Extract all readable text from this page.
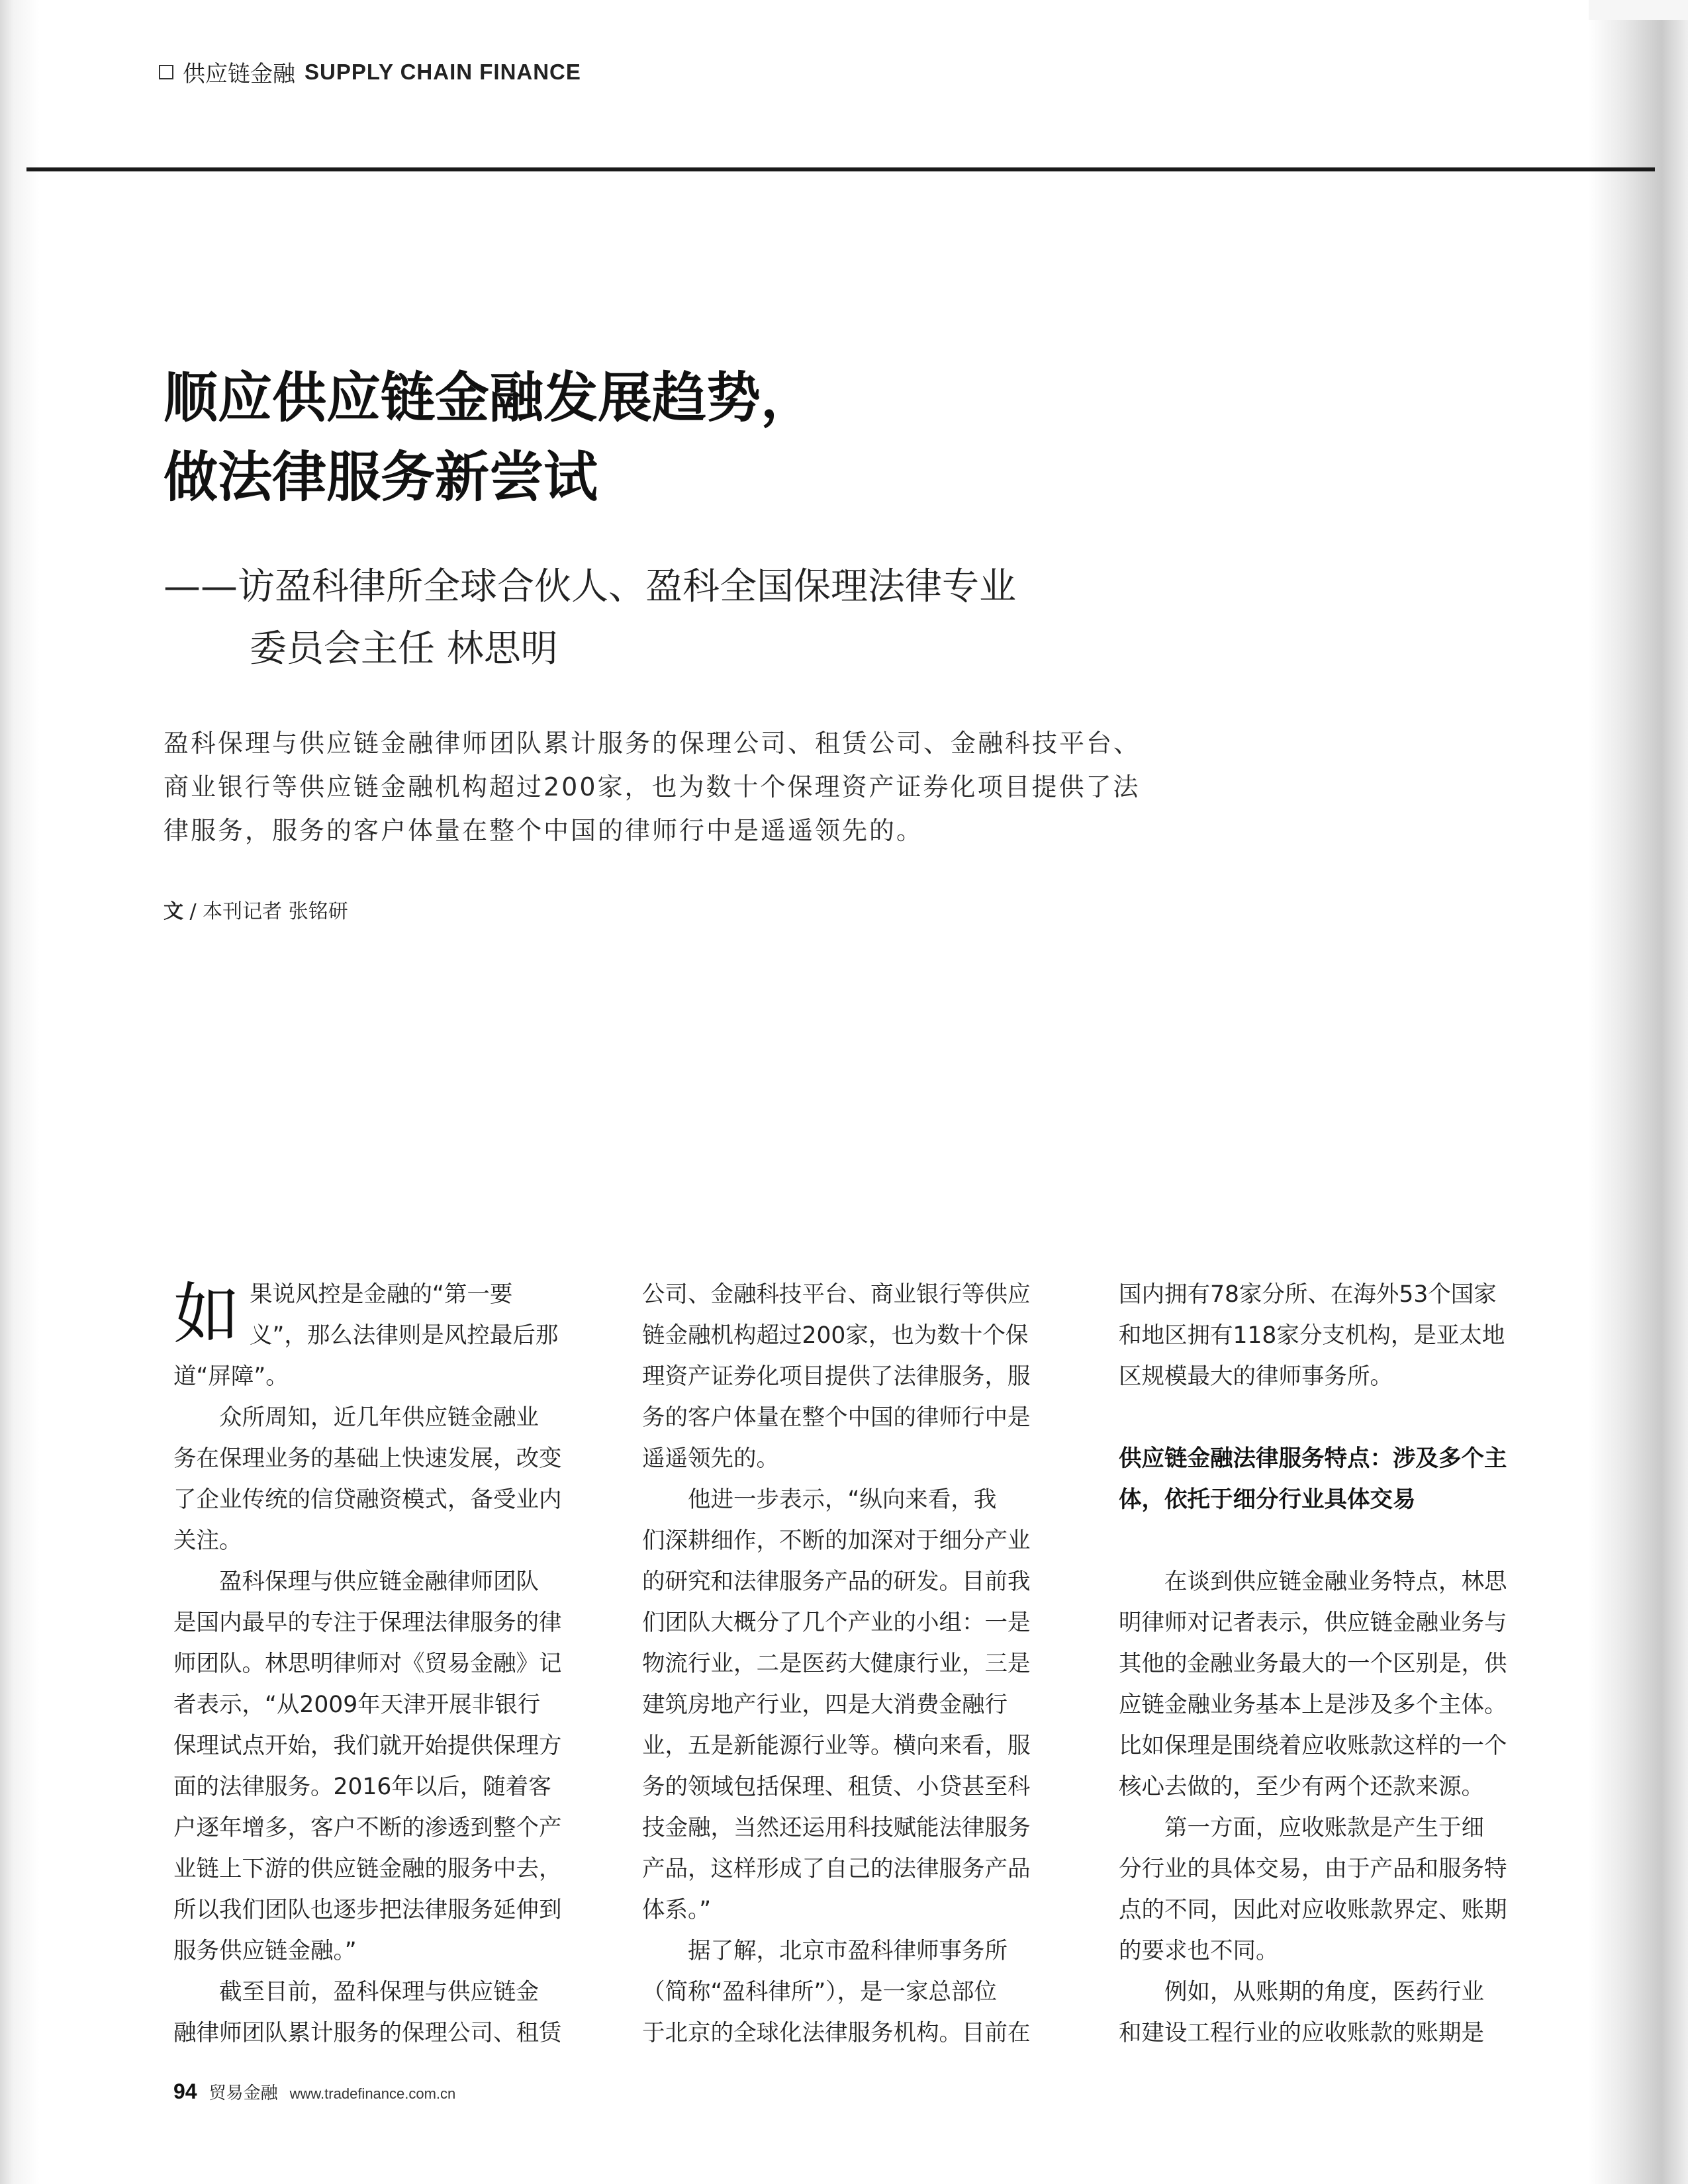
供应链金融 SUPPLY CHAIN FINANCE
顺应供应链金融发展趋势，
做法律服务新尝试
——访盈科律所全球合伙人、盈科全国保理法律专业
委员会主任 林思明
盈科保理与供应链金融律师团队累计服务的保理公司、租赁公司、金融科技平台、
商业银行等供应链金融机构超过200家，也为数十个保理资产证券化项目提供了法
律服务，服务的客户体量在整个中国的律师行中是遥遥领先的。
文 / 本刊记者 张铭研
如 果说风控是金融的“第一要
义”，那么法律则是风控最后那
道“屏障”。
　　众所周知，近几年供应链金融业
务在保理业务的基础上快速发展，改变
了企业传统的信贷融资模式，备受业内
关注。
　　盈科保理与供应链金融律师团队
是国内最早的专注于保理法律服务的律
师团队。林思明律师对《贸易金融》记
者表示，“从2009年天津开展非银行
保理试点开始，我们就开始提供保理方
面的法律服务。2016年以后，随着客
户逐年增多，客户不断的渗透到整个产
业链上下游的供应链金融的服务中去，
所以我们团队也逐步把法律服务延伸到
服务供应链金融。”
　　截至目前，盈科保理与供应链金
融律师团队累计服务的保理公司、租赁
公司、金融科技平台、商业银行等供应
链金融机构超过200家，也为数十个保
理资产证券化项目提供了法律服务，服
务的客户体量在整个中国的律师行中是
遥遥领先的。
　　他进一步表示，“纵向来看，我
们深耕细作，不断的加深对于细分产业
的研究和法律服务产品的研发。目前我
们团队大概分了几个产业的小组：一是
物流行业，二是医药大健康行业，三是
建筑房地产行业，四是大消费金融行
业，五是新能源行业等。横向来看，服
务的领域包括保理、租赁、小贷甚至科
技金融，当然还运用科技赋能法律服务
产品，这样形成了自己的法律服务产品
体系。”
　　据了解，北京市盈科律师事务所
（简称“盈科律所”），是一家总部位
于北京的全球化法律服务机构。目前在
国内拥有78家分所、在海外53个国家
和地区拥有118家分支机构，是亚太地
区规模最大的律师事务所。
供应链金融法律服务特点：涉及多个主
体，依托于细分行业具体交易
　　在谈到供应链金融业务特点，林思
明律师对记者表示，供应链金融业务与
其他的金融业务最大的一个区别是，供
应链金融业务基本上是涉及多个主体。
比如保理是围绕着应收账款这样的一个
核心去做的，至少有两个还款来源。
　　第一方面，应收账款是产生于细
分行业的具体交易，由于产品和服务特
点的不同，因此对应收账款界定、账期
的要求也不同。
　　例如，从账期的角度，医药行业
和建设工程行业的应收账款的账期是
94 贸易金融 www.tradefinance.com.cn
